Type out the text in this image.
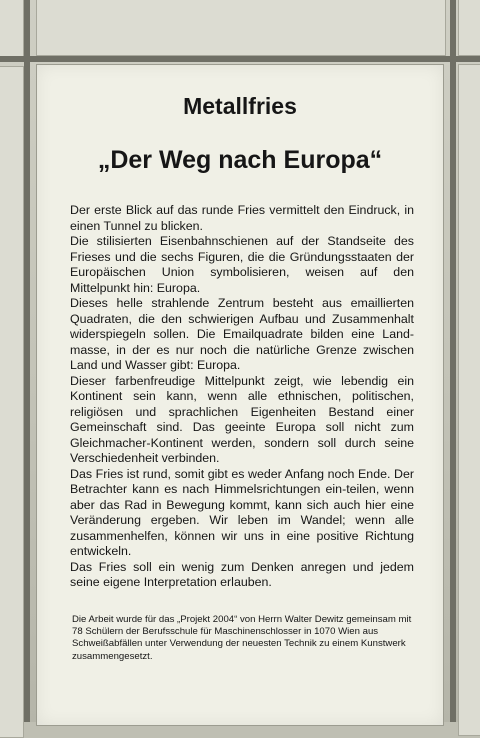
Metallfries
„Der Weg nach Europa“

Der erste Blick auf das runde Fries vermittelt den Eindruck, in einen Tunnel zu blicken.

Die stilisierten Eisenbahnschienen auf der Standseite des Frieses und die sechs Figuren, die die Gründungsstaaten der Europäischen Union symbolisieren, weisen auf den Mittelpunkt hin: Europa.

Dieses helle strahlende Zentrum besteht aus emaillierten Quadraten, die den schwierigen Aufbau und Zusammenhalt widerspiegeln sollen. Die Emailquadrate bilden eine Land-masse, in der es nur noch die natürliche Grenze zwischen Land und Wasser gibt: Europa.

Dieser farbenfreudige Mittelpunkt zeigt, wie lebendig ein Kontinent sein kann, wenn alle ethnischen, politischen, religiösen und sprachlichen Eigenheiten Bestand einer Gemeinschaft sind. Das geeinte Europa soll nicht zum Gleichmacher-Kontinent werden, sondern soll durch seine Verschiedenheit verbinden.

Das Fries ist rund, somit gibt es weder Anfang noch Ende. Der Betrachter kann es nach Himmelsrichtungen ein-teilen, wenn aber das Rad in Bewegung kommt, kann sich auch hier eine Veränderung ergeben. Wir leben im Wandel; wenn alle zusammenhelfen, können wir uns in eine positive Richtung entwickeln.

Das Fries soll ein wenig zum Denken anregen und jedem seine eigene Interpretation erlauben.

Die Arbeit wurde für das „Projekt 2004“ von Herrn Walter Dewitz gemeinsam mit 78 Schülern der Berufsschule für Maschinenschlosser in 1070 Wien aus Schweißabfällen unter Verwendung der neuesten Technik zu einem Kunstwerk zusammengesetzt.
